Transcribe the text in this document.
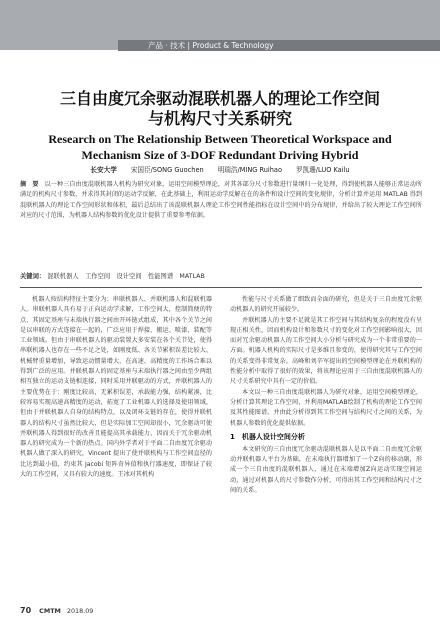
产品 · 技术 | Product & Technology
三自由度冗余驱动混联机器人的理论工作空间
与机构尺寸关系研究
Research on The Relationship Between Theoretical Workspace and
Mechanism Size of 3-DOF Redundant Driving Hybrid
长安大学 宋国臣/SONG Guochen 明瑞浩/MING Ruihao 罗凯珊/LUO Kailu
摘　要 以一种三自由度混联机器人机构为研究对象，运用空间模型理论，对其各部分尺寸参数进行量纲归一化处理，得到使机器人能够正常运动所满足的机构尺寸参数，并求得其封闭的运动学反解，在此基础上，利用运动学反解在在的条件和设计空间的变化规律，分析计算并运用 MATLAB 得到混联机器人的理论工作空间形状和体积，最后总结出了该混联机器人理论工作空间性能指标在设计空间中的分布规律，并给出了较大理论工作空间所对应的尺寸范围，为机器人结构参数的优化设计提供了重要参考依据。
关键词： 混联机器人　工作空间　设计空间　性能图谱　MATLAB

机器人按结构特征主要分为：串联机器人、并联机器人和混联机器人。串联机器人具有易于正向运动学求解，工作空间大，控制简便的特点，其固定基座与末端执行器之间由开环链式组成，其中各个关节之间是以串联的方式连接在一起的，广泛应用于焊接、搬运、喷漆、装配等工业领域。但由于串联机器人的驱动装置大多安装在各个关节处，使得串联机器人也存在一些不足之处，如刚度低、各关节累积误差比较大、机械臂重量增加，导致运动惯量增大，在高速、高精度的工作场合难以得到广泛的应用。并联机器人的固定基座与末端执行器之间由至少两组相互独立的运动支链相连接，同时采用并联驱动的方式，并联机器人的主要优势在于：刚度比较高，无累积误差，承载能力强，结构紧凑，比较容易实现高速高精度的运动，拓宽了工业机器人的选择及使用领域，但由于并联机器人自身的结构特点，以及闭环支链的存在，使得并联机器人的结构尺寸虽然比较大，但是实际加工空间却很小，冗余驱动可使并联机器人得到很好的改善且能提高其承载能力，因而关于冗余驱动机器人的研究成为一个新的热点。国内外学者对于平面二自由度冗余驱动机器人做了深入的研究，Vincent 提出了使并联机构与工作空间直径的比达到最小值，约束其 Jacobi 矩阵奇异值和执行器速度，即保证了较大的工作空间，又具有较大的速度。王冰对其机构

性能与尺寸关系做了细致而全面的研究，但是关于三自由度冗余驱动机器人的研究开展较少。

并联机器人的主要不足就是其工作空间与其结构复杂的程度没有呈现正相关性，因而机构设计和参数尺寸的变化对工作空间影响很大，因而对冗余驱动机器人的工作空间大小分析与研究成为一个非常重要的一方面。机器人机构的实际尺寸是多维且参变的，使得研究其与工作空间的关系变得非常复杂。高峰和刘辛军提出的空间模型理论在并联机构的性能分析中取得了很好的效果，将该理论应用于三自由度混联机器人的尺寸关系研究中具有一定的价值。

本文以一种三自由度混联机器人为研究对象，运用空间模型理论，分析计算其理论工作空间，并利用MATLAB绘制了机构的理论工作空间及其性能图谱，并由此分析得到其工作空间与结构尺寸之间的关系，为机器人参数的优化提供依据。

1　机器人设计空间分析

本文研究的三自由度冗余驱动混联机器人是以平面二自由度冗余驱动并联机器人平台为基础，在末端执行器增加了一个Z向的移动副，形成一个三自由度的混联机器人，通过在末端增加Z向运动实现空间运动，通过对机器人的尺寸参数作分析，可得出其工作空间和结构尺寸之间的关系。

70 CMTM 2018.09
